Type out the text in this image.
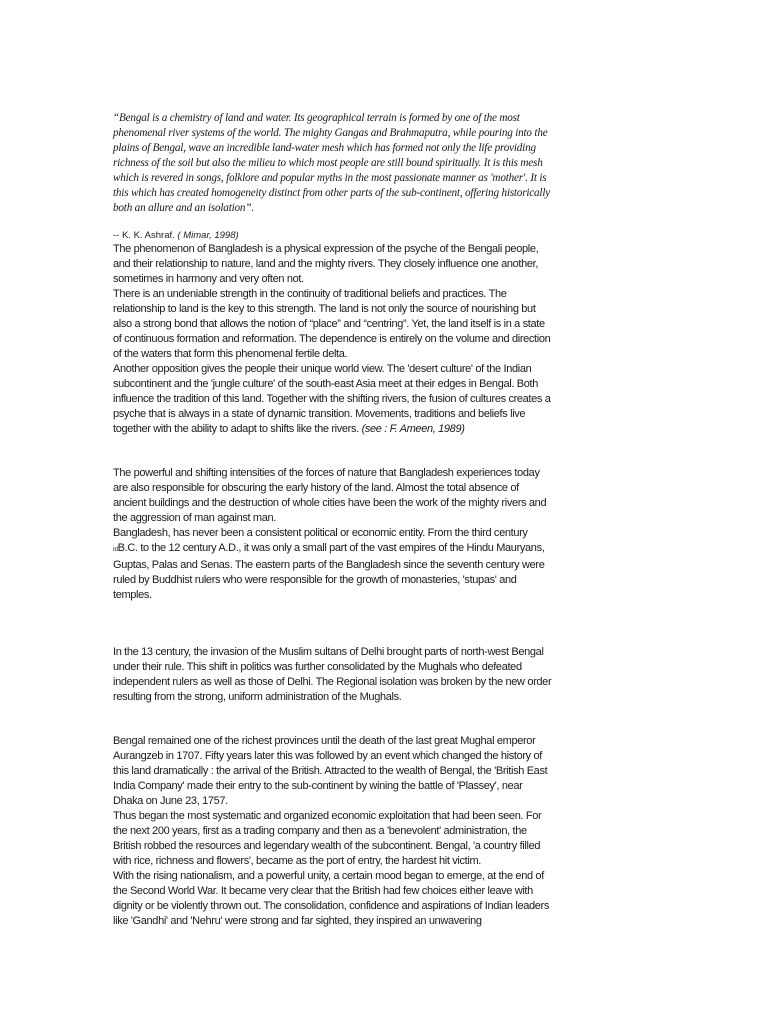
“Bengal is a chemistry of land and water. Its geographical terrain is formed by one of the most phenomenal river systems of the world. The mighty Gangas and Brahmaputra, while pouring into the plains of Bengal, wave an incredible land-water mesh which has formed not only the life providing richness of the soil but also the milieu to which most people are still bound spiritually. It is this mesh which is revered in songs, folklore and popular myths in the most passionate manner as 'mother'. It is this which has created homogeneity distinct from other parts of the sub-continent, offering historically both an allure and an isolation”.

-- K. K. Ashraf. ( Mimar, 1998)

The phenomenon of Bangladesh is a physical expression of the psyche of the Bengali people, and their relationship to nature, land and the mighty rivers. They closely influence one another, sometimes in harmony and very often not.

There is an undeniable strength in the continuity of traditional beliefs and practices. The relationship to land is the key to this strength. The land is not only the source of nourishing but also a strong bond that allows the notion of “place” and “centring”. Yet, the land itself is in a state of continuous formation and reformation. The dependence is entirely on the volume and direction of the waters that form this phenomenal fertile delta.

Another opposition gives the people their unique world view. The 'desert culture' of the Indian subcontinent and the 'jungle culture' of the south-east Asia meet at their edges in Bengal. Both influence the tradition of this land. Together with the shifting rivers, the fusion of cultures creates a psyche that is always in a state of dynamic transition. Movements, traditions and beliefs live together with the ability to adapt to shifts like the rivers. (see : F. Ameen, 1989)

The powerful and shifting intensities of the forces of nature that Bangladesh experiences today are also responsible for obscuring the early history of the land. Almost the total absence of ancient buildings and the destruction of whole cities have been the work of the mighty rivers and the aggression of man against man.

Bangladesh, has never been a consistent political or economic entity. From the third century
rdB.C. to the 12 century A.D., it was only a small part of the vast empires of the Hindu Mauryans, Guptas, Palas and Senas. The eastern parts of the Bangladesh since the seventh century were ruled by Buddhist rulers who were responsible for the growth of monasteries, 'stupas' and temples.

In the 13 century, the invasion of the Muslim sultans of Delhi brought parts of north-west Bengal under their rule. This shift in politics was further consolidated by the Mughals who defeated independent rulers as well as those of Delhi. The Regional isolation was broken by the new order resulting from the strong, uniform administration of the Mughals.

Bengal remained one of the richest provinces until the death of the last great Mughal emperor Aurangzeb in 1707. Fifty years later this was followed by an event which changed the history of this land dramatically : the arrival of the British. Attracted to the wealth of Bengal, the 'British East India Company' made their entry to the sub-continent by wining the battle of 'Plassey', near Dhaka on June 23, 1757.

Thus began the most systematic and organized economic exploitation that had been seen. For the next 200 years, first as a trading company and then as a 'benevolent' administration, the British robbed the resources and legendary wealth of the subcontinent. Bengal, 'a country filled with rice, richness and flowers', became as the port of entry, the hardest hit victim.

With the rising nationalism, and a powerful unity, a certain mood began to emerge, at the end of the Second World War. It became very clear that the British had few choices either leave with dignity or be violently thrown out. The consolidation, confidence and aspirations of Indian leaders like 'Gandhi' and 'Nehru' were strong and far sighted, they inspired an unwavering
